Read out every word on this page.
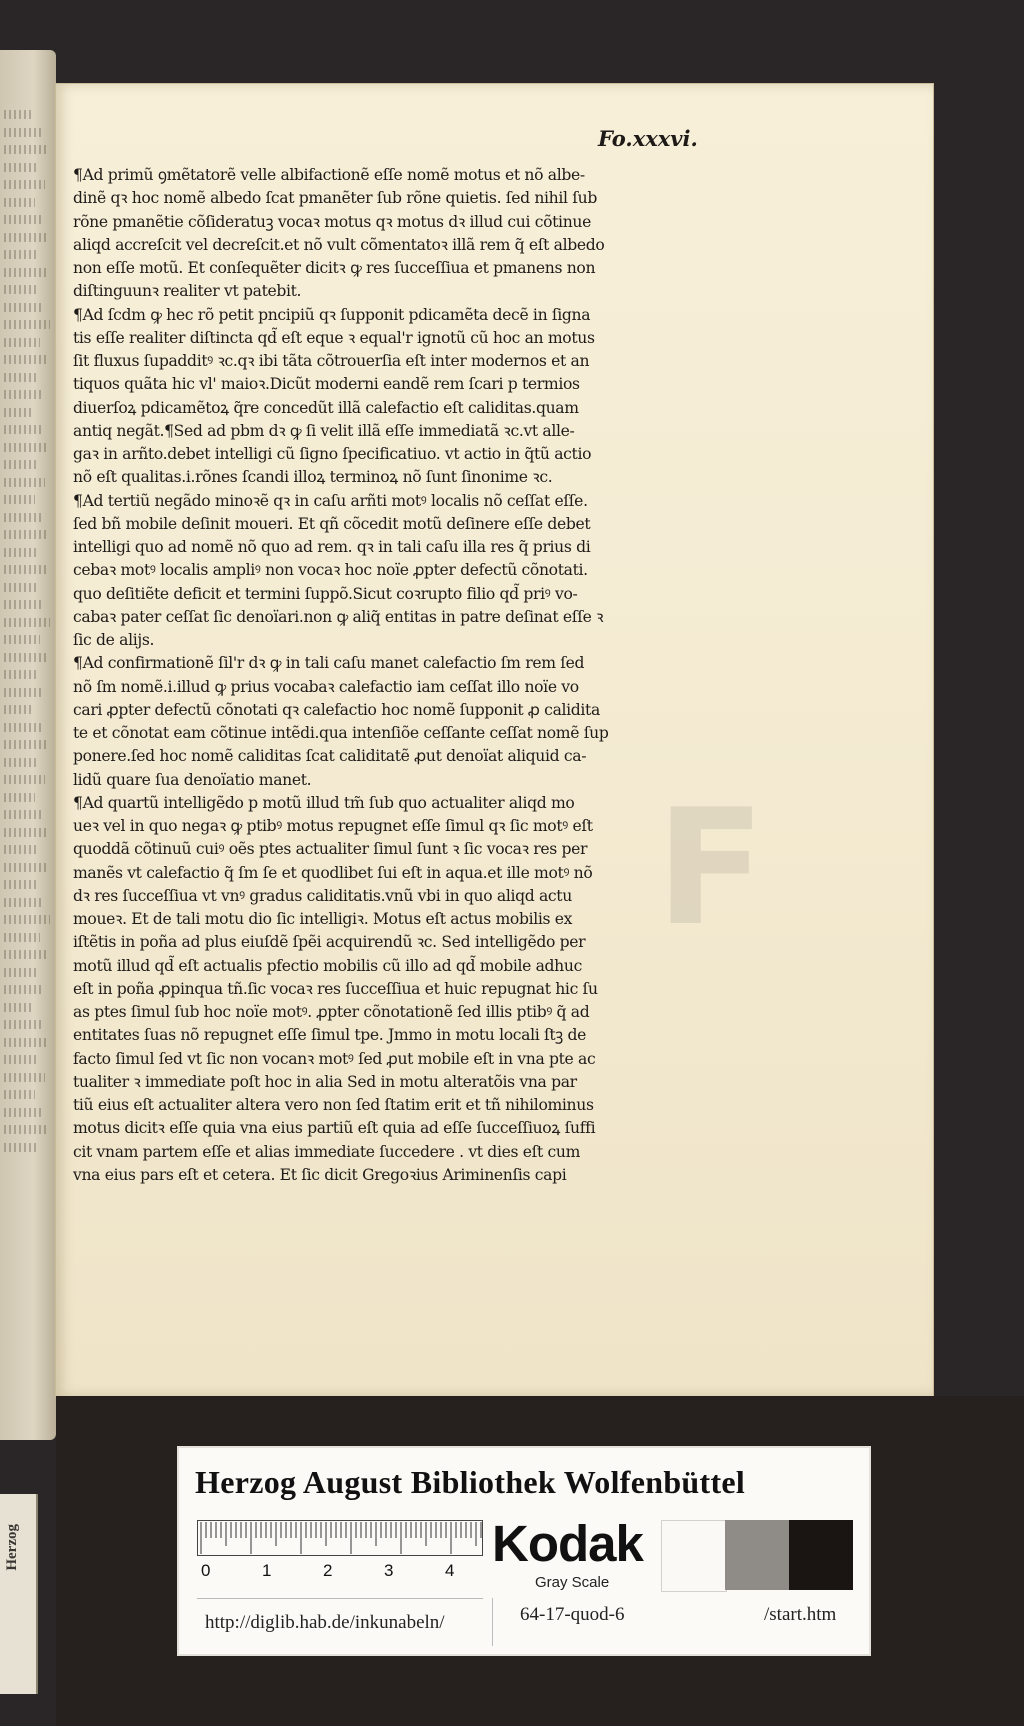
Fo.xxxvi.
¶Ad primũ ꝯmẽtatorẽ velle albifactionẽ eſſe nomẽ motus et nõ albe-
dinẽ qꝛ hoc nomẽ albedo ſcat pmanẽter ſub rõne quietis. ſed nihil ſub
rõne pmanẽtie cõſideratuꝫ vocaꝛ motus qꝛ motus dꝛ illud cui cõtinue
aliqd accreſcit vel decreſcit.et nõ vult cõmentatoꝛ illã rem q̃ eſt albedo
non eſſe motũ. Et conſequẽter dicitꝛ ꝙ res ſucceſſiua et pmanens non
diſtinguunꝛ realiter vt patebit.
¶Ad ſcdm ꝙ hec rõ petit pncipiũ qꝛ ſupponit pdicamẽta decẽ in ſigna
tis eſſe realiter diſtincta qd̃ eſt eque ꝛ equal'r ignotũ cũ hoc an motus
ſit fluxus ſupadditꝰ ꝛc.qꝛ ibi tãta cõtrouerſia eſt inter modernos et an
tiquos quãta hic vl' maioꝛ.Dicũt moderni eandẽ rem ſcari p termios
diuerſoꝝ pdicamẽtoꝝ q̃re concedũt illã calefactio eſt caliditas.quam
antiq negãt.¶Sed ad pbm dꝛ ꝙ ſi velit illã eſſe immediatã ꝛc.vt alle-
gaꝛ in arñto.debet intelligi cũ ſigno ſpecificatiuo. vt actio in q̃tũ actio
nõ eſt qualitas.i.rõnes ſcandi illoꝝ terminoꝝ nõ ſunt ſinonime ꝛc.
¶Ad tertiũ negãdo minoꝛẽ qꝛ in caſu arñti motꝰ localis nõ ceſſat eſſe.
ſed bñ mobile deſinit moueri. Et qñ cõcedit motũ deſinere eſſe debet
intelligi quo ad nomẽ nõ quo ad rem. qꝛ in tali caſu illa res q̃ prius di
cebaꝛ motꝰ localis ampliꝰ non vocaꝛ hoc noïe ꝓpter defectũ cõnotati.
quo deſitiẽte deficit et termini ſuppõ.Sicut coꝛrupto filio qd̃ priꝰ vo-
cabaꝛ pater ceſſat ſic denoïari.non ꝙ aliq̃ entitas in patre deſinat eſſe ꝛ
ſic de alijs.
¶Ad confirmationẽ ſil'r dꝛ ꝙ in tali caſu manet calefactio ſm rem ſed
nõ ſm nomẽ.i.illud ꝙ prius vocabaꝛ calefactio iam ceſſat illo noïe vo
cari ꝓpter defectũ cõnotati qꝛ calefactio hoc nomẽ ſupponit ꝓ calidita
te et cõnotat eam cõtinue intẽdi.qua intenſiõe ceſſante ceſſat nomẽ ſup
ponere.ſed hoc nomẽ caliditas ſcat caliditatẽ ꝓut denoïat aliquid ca-
lidũ quare ſua denoïatio manet.
¶Ad quartũ intelligẽdo p motũ illud tm̃ ſub quo actualiter aliqd mo
ueꝛ vel in quo negaꝛ ꝙ ptibꝰ motus repugnet eſſe ſimul qꝛ ſic motꝰ eſt
quoddã cõtinuũ cuiꝰ oẽs ptes actualiter ſimul ſunt ꝛ ſic vocaꝛ res per
manẽs vt calefactio q̃ ſm ſe et quodlibet ſui eſt in aqua.et ille motꝰ nõ
dꝛ res ſucceſſiua vt vnꝰ gradus caliditatis.vnũ vbi in quo aliqd actu
moueꝛ. Et de tali motu dio ſic intelligiꝛ. Motus eſt actus mobilis ex
iſtẽtis in poña ad plus eiuſdẽ ſpẽi acquirendũ ꝛc. Sed intelligẽdo per
motũ illud qd̃ eſt actualis pfectio mobilis cũ illo ad qd̃ mobile adhuc
eſt in poña ꝓpinqua tñ.ſic vocaꝛ res ſucceſſiua et huic repugnat hic ſu
as ptes ſimul ſub hoc noïe motꝰ. ꝓpter cõnotationẽ ſed illis ptibꝰ q̃ ad
entitates ſuas nõ repugnet eſſe ſimul tpe. Jmmo in motu locali ſtꝫ de
facto ſimul ſed vt ſic non vocanꝛ motꝰ ſed ꝓut mobile eſt in vna pte ac
tualiter ꝛ immediate poſt hoc in alia Sed in motu alteratõis vna par
tiũ eius eſt actualiter altera vero non ſed ſtatim erit et tñ nihilominus
motus dicitꝛ eſſe quia vna eius partiũ eſt quia ad eſſe ſucceſſiuoꝝ ſuffi
cit vnam partem eſſe et alias immediate ſuccedere . vt dies eſt cum
vna eius pars eſt et cetera. Et ſic dicit Gregoꝛius Ariminenſis capi
F
Herzog August Bibliothek Wolfenbüttel
0	1	2	3	4 Kodak
Gray Scale
http://diglib.hab.de/inkunabeln/	64-17-quod-6	/start.htm
Herzog
